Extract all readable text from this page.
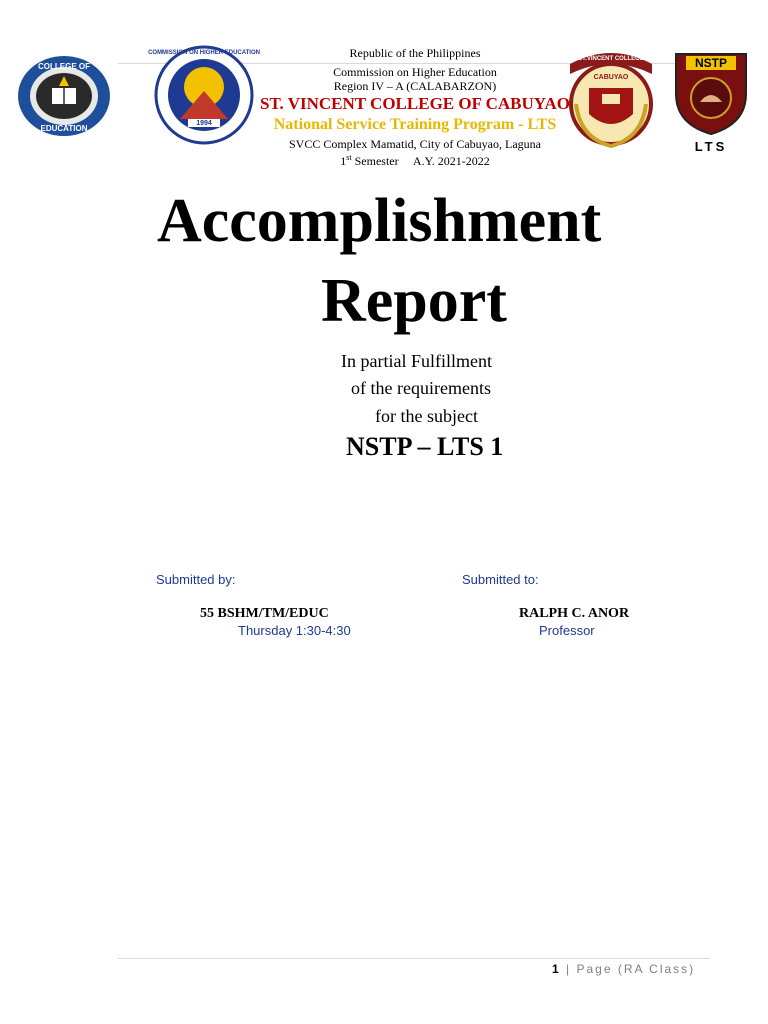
COLLEGE OF
EDUCATION
1994
COMMISSION ON HIGHER EDUCATION	Republic of the Philippines
Commission on Higher Education
Region IV – A (CALABARZON)
ST. VINCENT COLLEGE OF CABUYAO
National Service Training Program - LTS
SVCC Complex Mamatid, City of Cabuyao, Laguna
1st Semester     A.Y. 2021-2022
ST.VINCENT COLLEGE
CABUYAO
NSTP
LTS
Accomplishment
Report
In partial Fulfillment
of the requirements
for the subject
NSTP – LTS 1
Submitted by:
55 BSHM/TM/EDUC
Thursday 1:30-4:30
Submitted to:
RALPH C. ANOR
Professor
1 | Page (RA Class)
